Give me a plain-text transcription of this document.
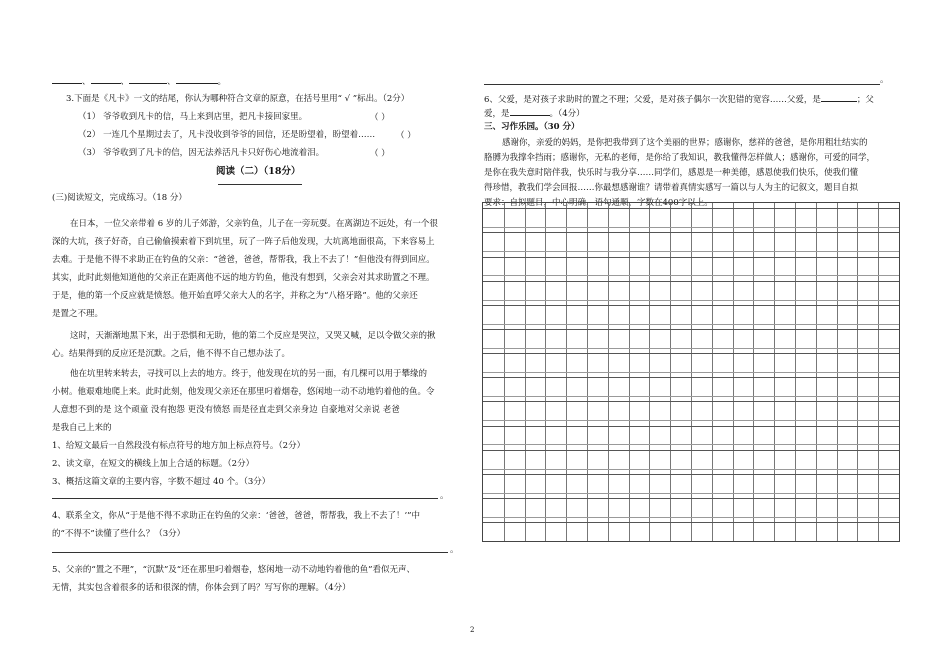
、	、	、	。
3.下面是《凡卡》一文的结尾，你认为哪种符合文章的原意，在括号里用“ √ ”标出。（2分）
（1） 爷爷收到凡卡的信，马上来到店里，把凡卡接回家里。	（ ）
（2） 一连几个星期过去了，凡卡没收到爷爷的回信，还是盼望着，盼望着…… （ ）
（3） 爷爷收到了凡卡的信，因无法养活凡卡只好伤心地流着泪。	（ ）
阅读（二）（18分）
(三)阅读短文，完成练习。（18 分）
在日本，一位父亲带着 6 岁的儿子郊游，父亲钓鱼，儿子在一旁玩耍。在离湖边不远处，有一个很
深的大坑，孩子好奇，自己偷偷摸索着下到坑里，玩了一阵子后他发现，大坑离地面很高，下来容易上
去难。于是他不得不求助正在钓鱼的父亲：“爸爸，爸爸，帮帮我，我上不去了！”但他没有得到回应。
其实，此时此刻他知道他的父亲正在距离他不远的地方钓鱼，他没有想到，父亲会对其求助置之不理。
于是，他的第一个反应就是愤怒。他开始直呼父亲大人的名字，并称之为“八格牙路”。他的父亲还
是置之不理。
这时，天渐渐地黑下来，出于恐惧和无助，他的第二个反应是哭泣，又哭又喊，足以令做父亲的揪
心。结果得到的反应还是沉默。之后，他不得不自己想办法了。
他在坑里转来转去，寻找可以上去的地方。终于，他发现在坑的另一面，有几棵可以用于攀缘的
小树。他艰难地爬上来。此时此刻，他发现父亲还在那里叼着烟卷，悠闲地一动不动地钓着他的鱼。令
人意想不到的是 这个顽童 没有抱怨 更没有愤怒 而是径直走到父亲身边 自豪地对父亲说 老爸
是我自己上来的
1、给短文最后一自然段没有标点符号的地方加上标点符号。（2分）
2、读文章，在短文的横线上加上合适的标题。（2分）
3、概括这篇文章的主要内容，字数不超过 40 个。（3分）
。
4、联系全文，你从“于是他不得不求助正在钓鱼的父亲：‘爸爸，爸爸，帮帮我，我上不去了！’”中
的“不得不”读懂了些什么？（3分）
。
5、父亲的“置之不理”，“沉默”及“还在那里叼着烟卷，悠闲地一动不动地钓着他的鱼”看似无声、
无情，其实包含着很多的话和很深的情，你体会到了吗？写写你的理解。（4分）
。
6、父爱，是对孩子求助时的置之不理；父爱，是对孩子偶尔一次犯错的宽容……父爱，是	；父
爱，是	。（4分）
三、习作乐园。（30 分）
感谢你，亲爱的妈妈，是你把我带到了这个美丽的世界；感谢你，慈祥的爸爸，是你用粗壮结实的
胳膊为我撑伞挡雨；感谢你，无私的老师，是你给了我知识，教我懂得怎样做人；感谢你，可爱的同学，
是你在我失意时陪伴我，快乐时与我分享……同学们，感恩是一种美德，感恩使我们快乐，使我们懂
得珍惜，教我们学会回报……你最想感谢谁？请带着真情实感写一篇以与人为主的记叙文，题目自拟
要求：自拟题目，中心明确，语句通顺，字数在400字以上。
2
